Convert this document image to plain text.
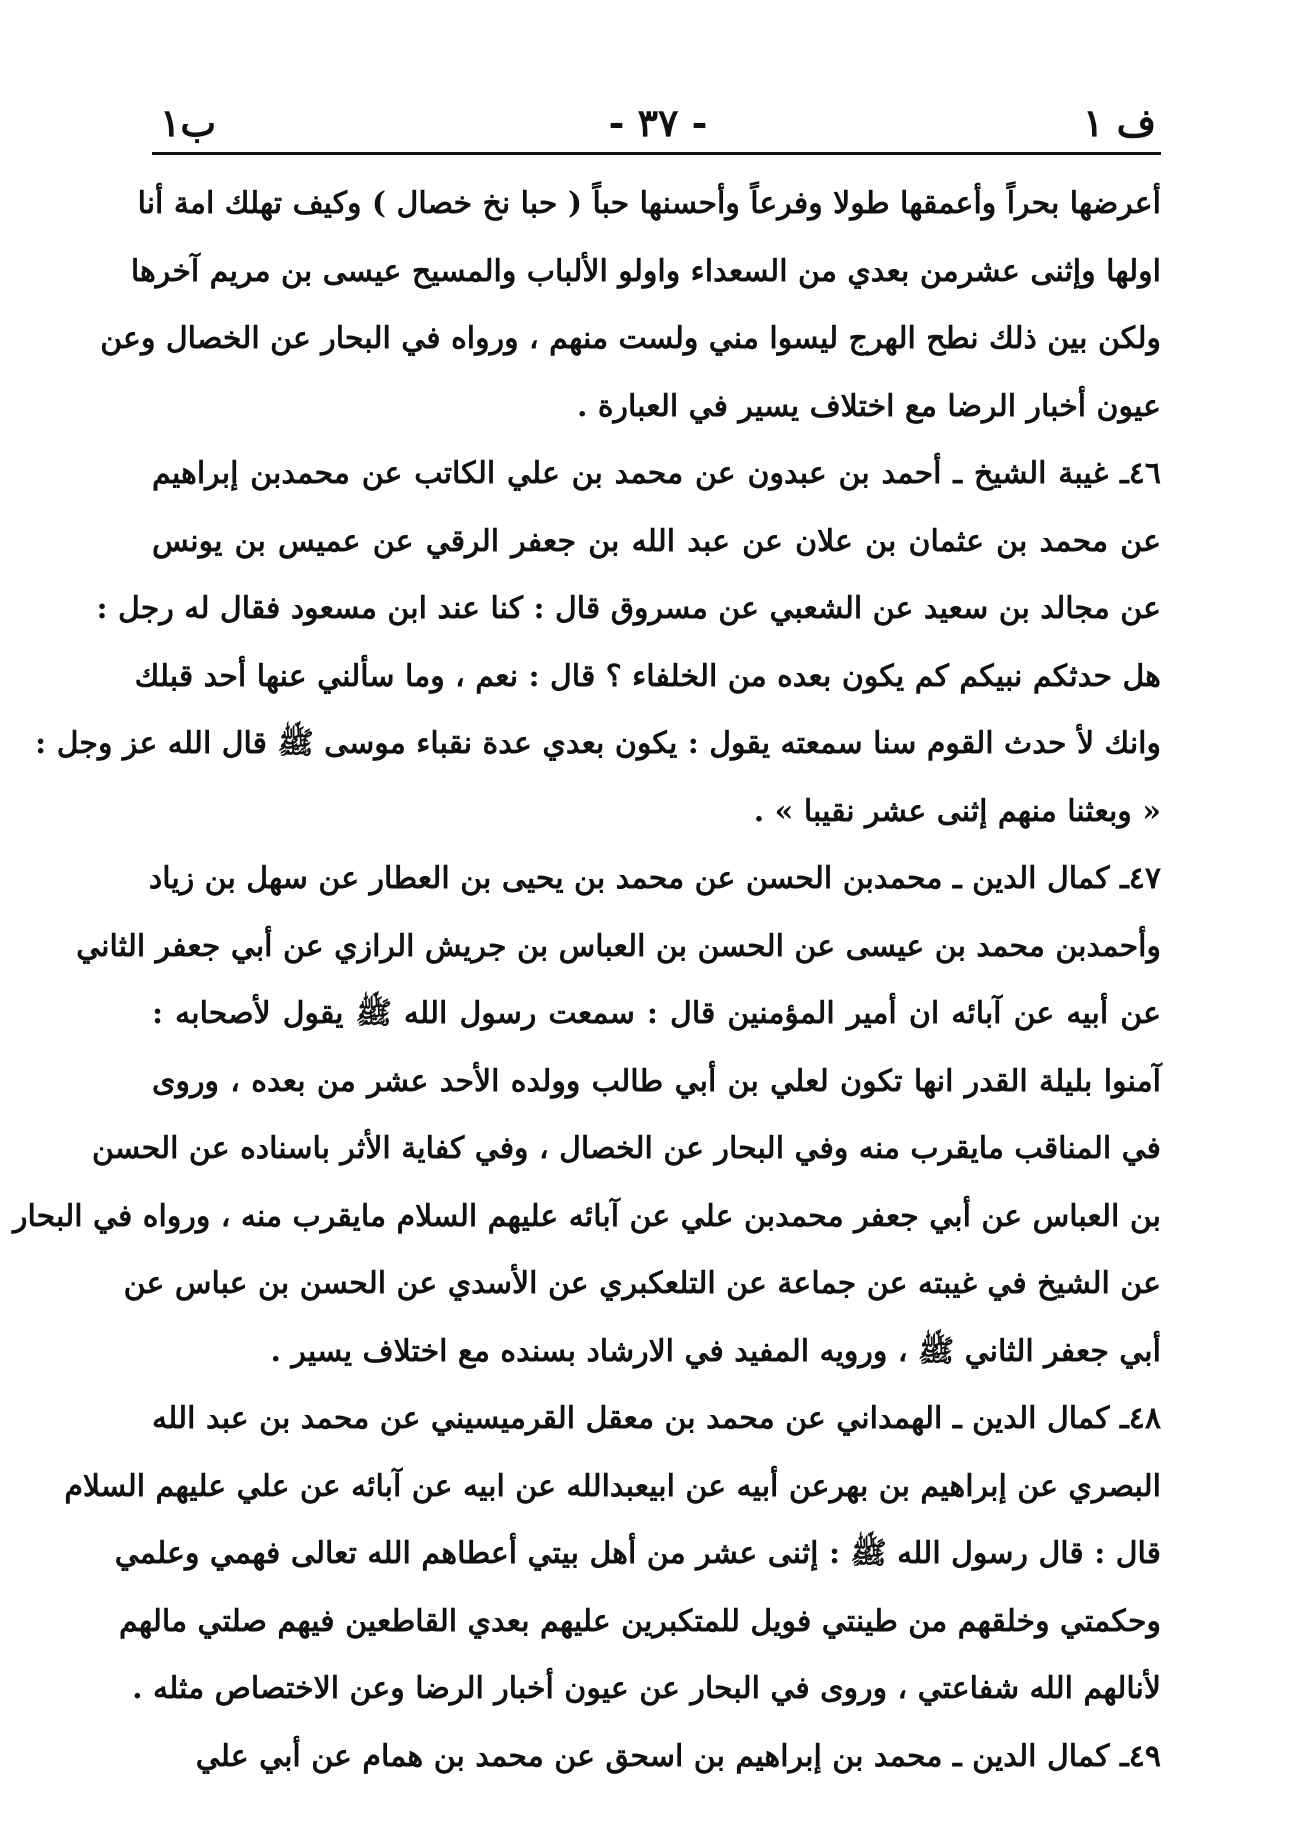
ف ١
- ٣٧ -
ب١

أعرضها بحراً وأعمقها طولا وفرعاً وأحسنها حباً ( حبا نخ خصال ) وكيف تهلك امة أنا
اولها وإثنى عشرمن بعدي من السعداء واولو الألباب والمسيح عيسى بن مريم آخرها
ولكن بين ذلك نطح الهرج ليسوا مني ولست منهم ، ورواه في البحار عن الخصال وعن
عيون أخبار الرضا مع اختلاف يسير في العبارة .

٤٦ـ غيبة الشيخ ـ أحمد بن عبدون عن محمد بن علي الكاتب عن محمدبن إبراهيم
عن محمد بن عثمان بن علان عن عبد الله بن جعفر الرقي عن عميس بن يونس
عن مجالد بن سعيد عن الشعبي عن مسروق قال : كنا عند ابن مسعود فقال له رجل :
هل حدثكم نبيكم كم يكون بعده من الخلفاء ؟ قال : نعم ، وما سألني عنها أحد قبلك
وانك لأ حدث القوم سنا سمعته يقول : يكون بعدي عدة نقباء موسى ﷺ قال الله عز وجل :
« وبعثنا منهم إثنى عشر نقيبا » .

٤٧ـ كمال الدين ـ محمدبن الحسن عن محمد بن يحيى بن العطار عن سهل بن زياد
وأحمدبن محمد بن عيسى عن الحسن بن العباس بن جريش الرازي عن أبي جعفر الثاني
عن أبيه عن آبائه ان أمير المؤمنين قال : سمعت رسول الله ﷺ يقول لأصحابه :
آمنوا بليلة القدر انها تكون لعلي بن أبي طالب وولده الأحد عشر من بعده ، وروى
في المناقب مايقرب منه وفي البحار عن الخصال ، وفي كفاية الأثر باسناده عن الحسن
بن العباس عن أبي جعفر محمدبن علي عن آبائه عليهم السلام مايقرب منه ، ورواه في البحار
عن الشيخ في غيبته عن جماعة عن التلعكبري عن الأسدي عن الحسن بن عباس عن
أبي جعفر الثاني ﷺ ، ورويه المفيد في الارشاد بسنده مع اختلاف يسير .

٤٨ـ كمال الدين ـ الهمداني عن محمد بن معقل القرميسيني عن محمد بن عبد الله
البصري عن إبراهيم بن بهرعن أبيه عن ابيعبدالله عن ابيه عن آبائه عن علي عليهم السلام
قال : قال رسول الله ﷺ : إثنى عشر من أهل بيتي أعطاهم الله تعالى فهمي وعلمي
وحكمتي وخلقهم من طينتي فويل للمتكبرين عليهم بعدي القاطعين فيهم صلتي مالهم
لأنالهم الله شفاعتي ، وروى في البحار عن عيون أخبار الرضا وعن الاختصاص مثله .

٤٩ـ كمال الدين ـ محمد بن إبراهيم بن اسحق عن محمد بن همام عن أبي علي
